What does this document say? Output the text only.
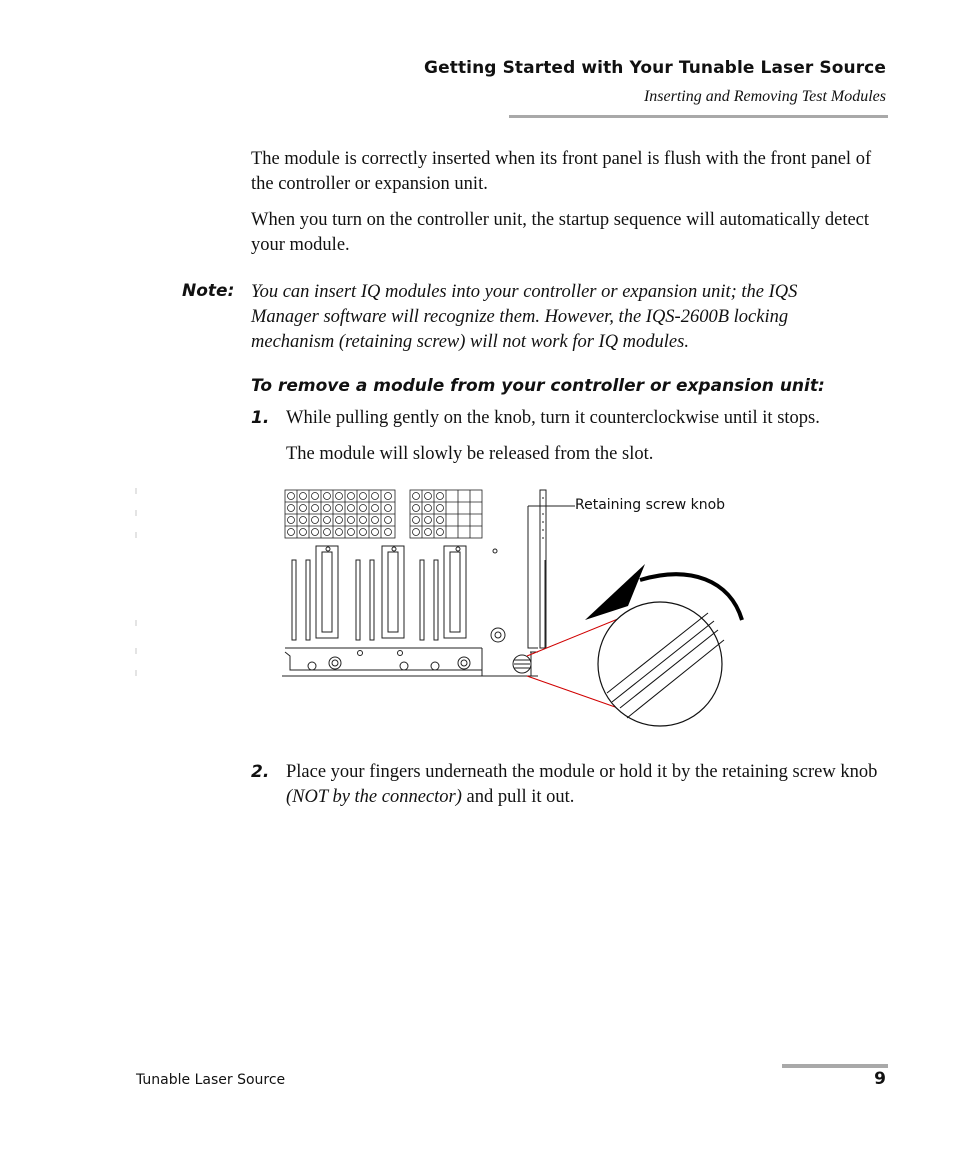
Getting Started with Your Tunable Laser Source
Inserting and Removing Test Modules

The module is correctly inserted when its front panel is flush with the front panel of the controller or expansion unit.

When you turn on the controller unit, the startup sequence will automatically detect your module.

Note: You can insert IQ modules into your controller or expansion unit; the IQS Manager software will recognize them. However, the IQS-2600B locking mechanism (retaining screw) will not work for IQ modules.

To remove a module from your controller or expansion unit:
1. While pulling gently on the knob, turn it counterclockwise until it stops.

The module will slowly be released from the slot.

Retaining screw knob
2. Place your fingers underneath the module or hold it by the retaining screw knob (NOT by the connector) and pull it out.

Tunable Laser Source	9
